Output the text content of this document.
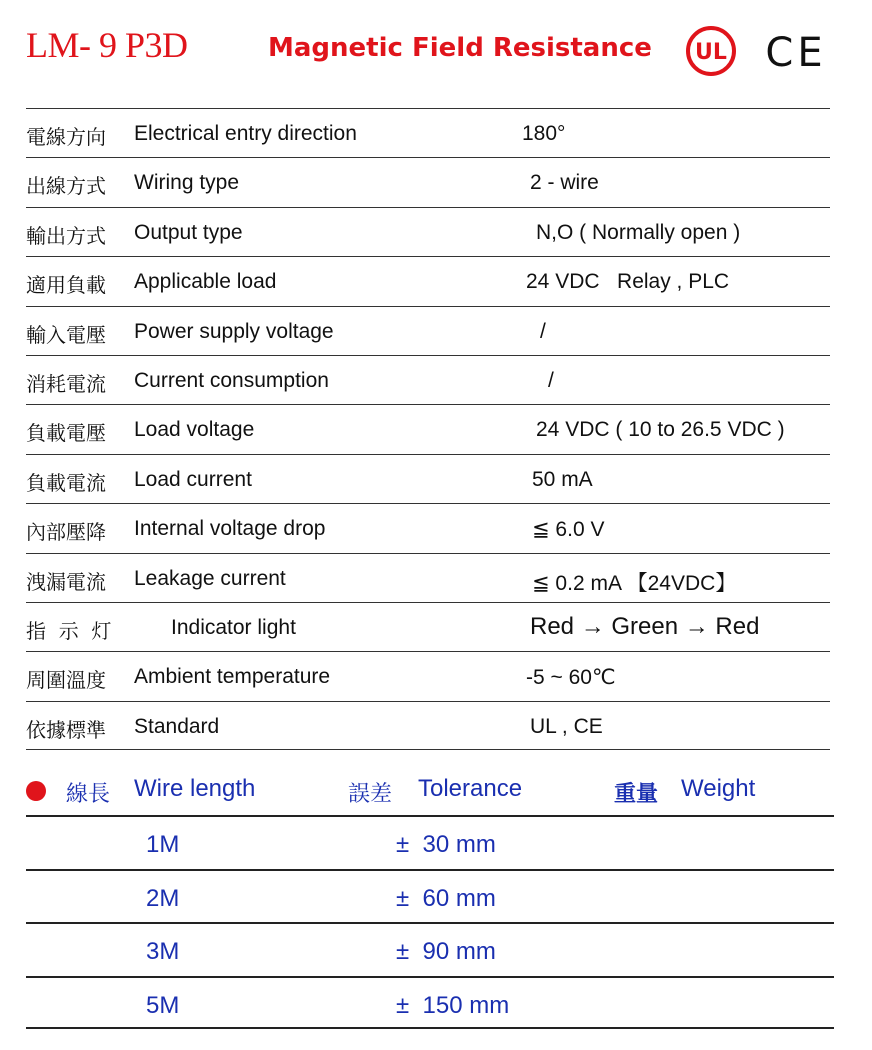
LM- 9 P3D	Magnetic Field Resistance UL CE
電線方向 Electrical entry direction	180°
出線方式 Wiring type	2 - wire
輸出方式 Output type	N,O ( Normally open )
適用負載 Applicable load	24 VDC   Relay , PLC
輸入電壓 Power supply voltage	/
消耗電流 Current consumption	/
負載電壓 Load voltage	24 VDC ( 10 to 26.5 VDC )
負載電流 Load current	50 mA
內部壓降 Internal voltage drop	≦ 6.0 V
洩漏電流 Leakage current	≦ 0.2 mA 【24VDC】
指  示  灯	Indicator light	Red → Green → Red
周圍溫度 Ambient temperature	-5 ~ 60℃
依據標準 Standard	UL , CE
線長 Wire length	誤差 Tolerance	重量 Weight
1M	±  30 mm
2M	±  60 mm
3M	±  90 mm
5M	±  150 mm
